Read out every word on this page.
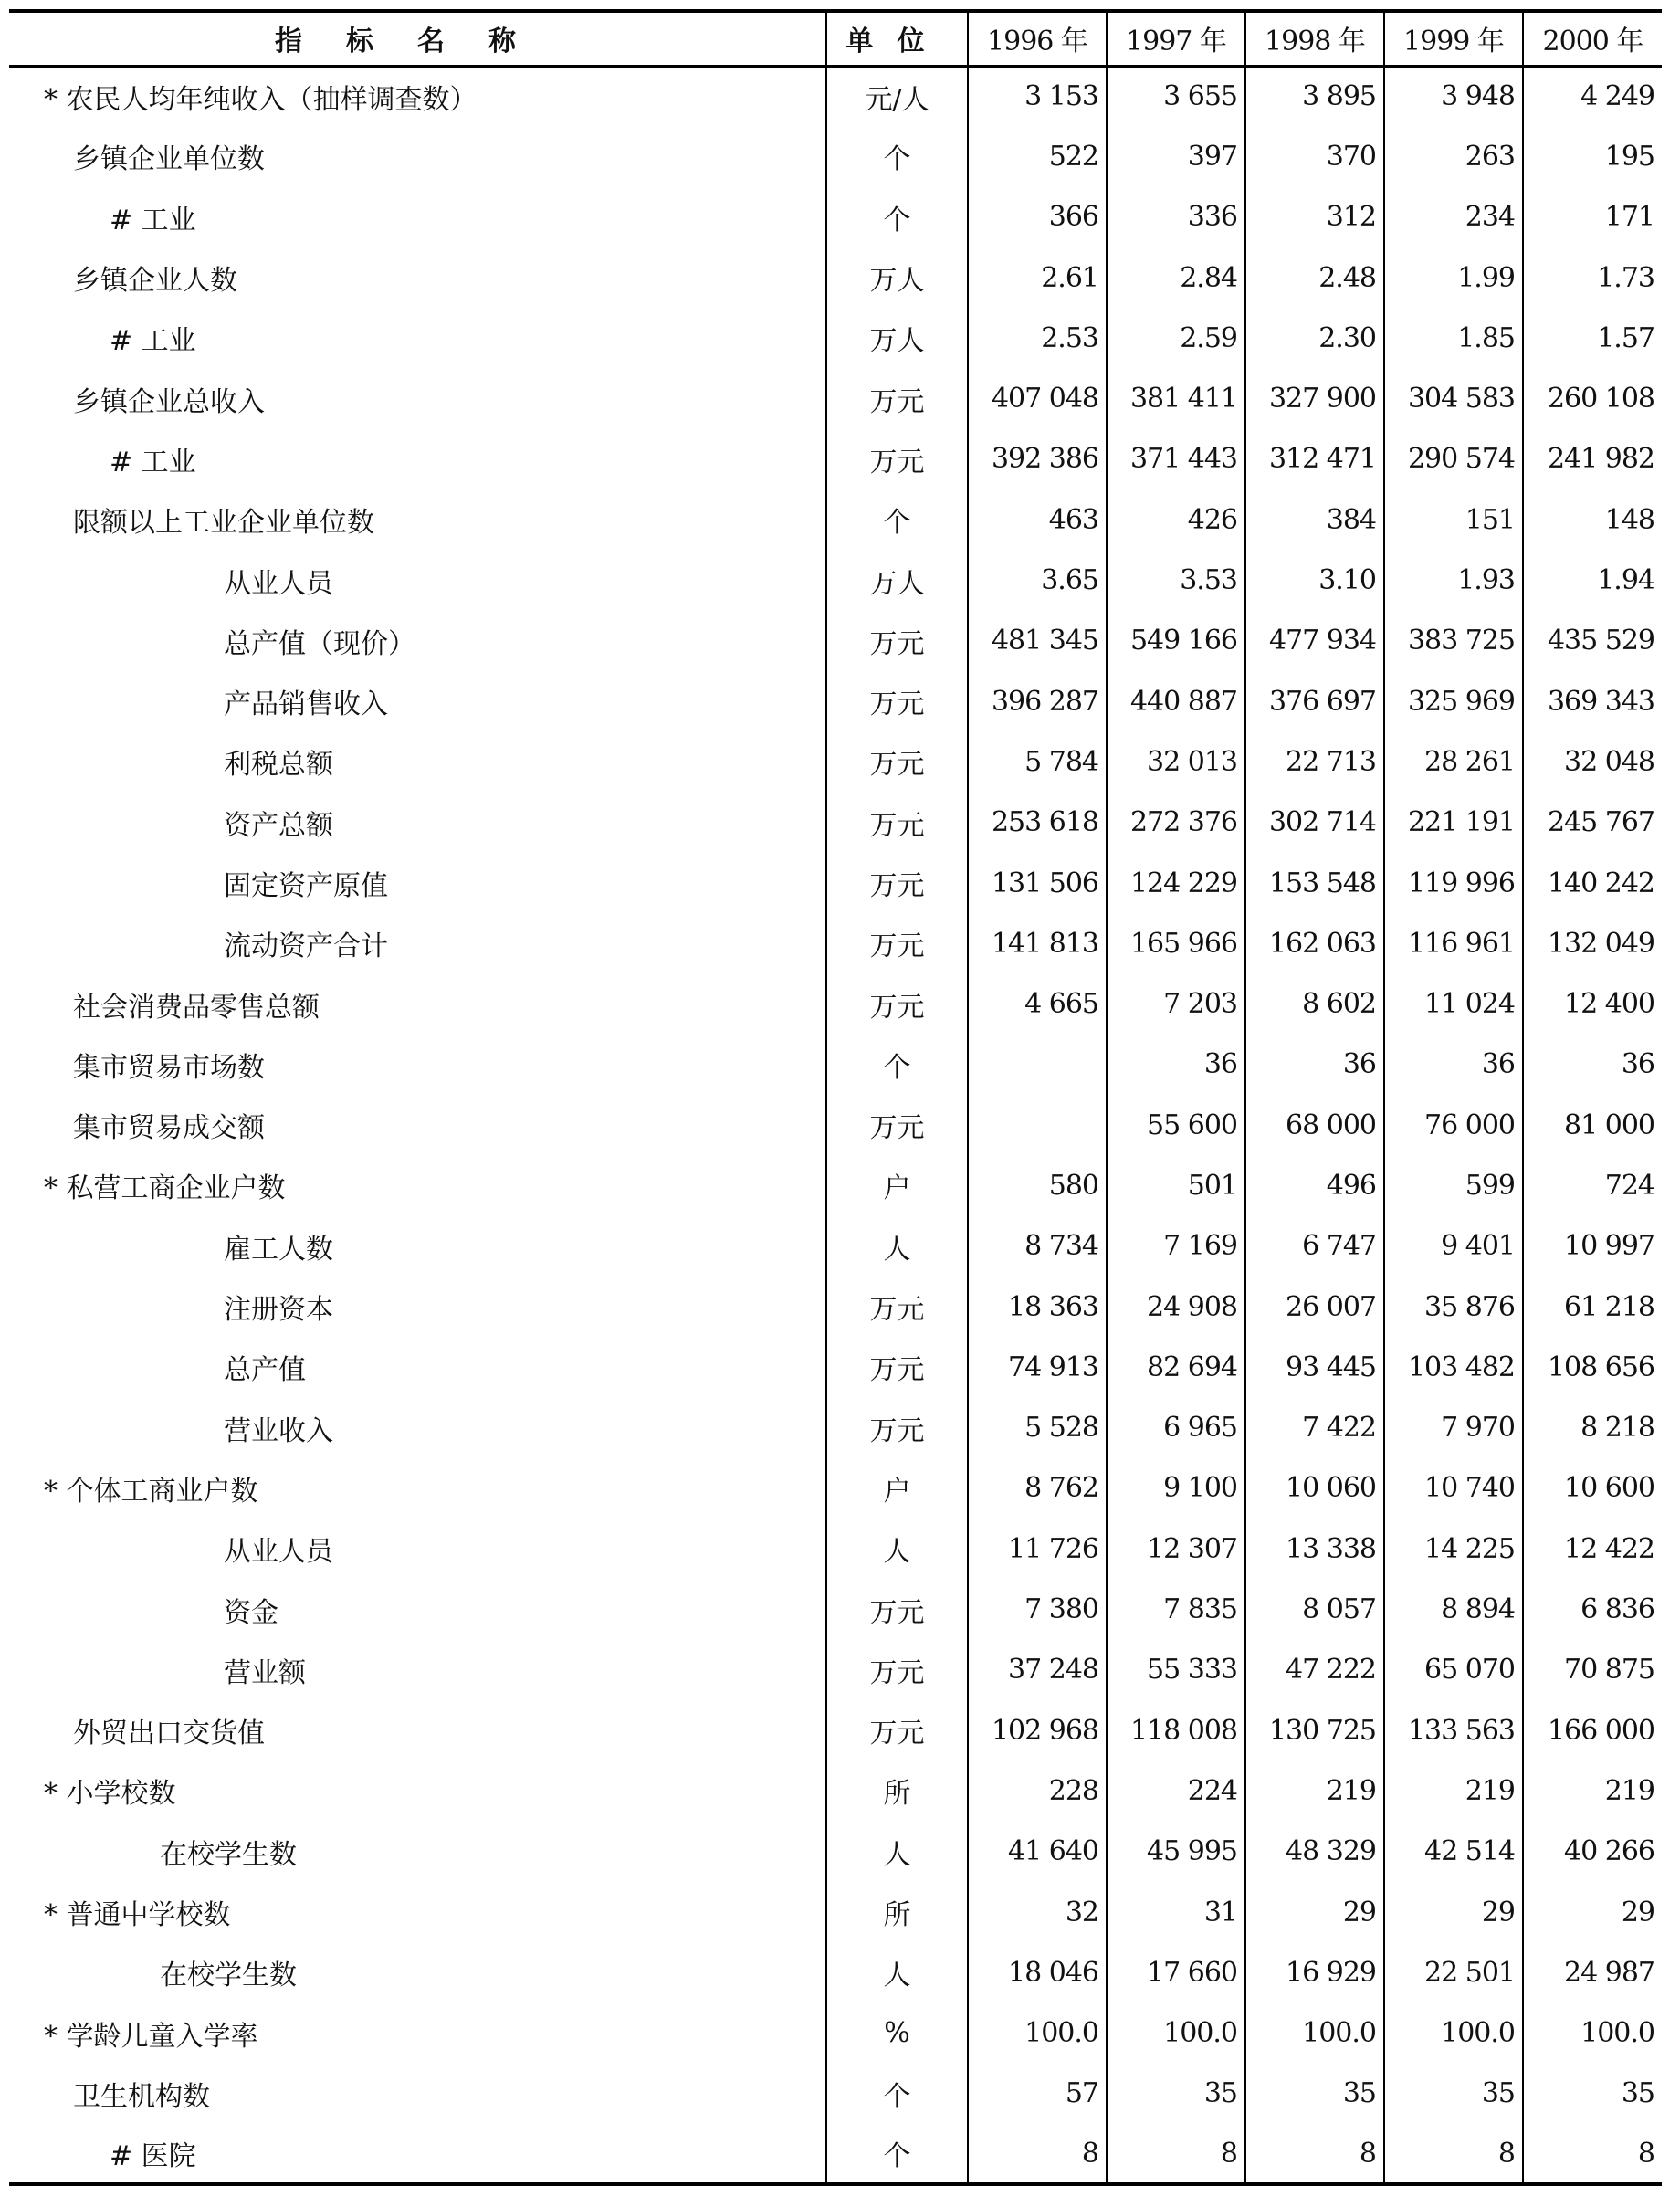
指标名称	单位	1996 年	1997 年	1998 年	1999 年	2000 年
* 农民人均年纯收入（抽样调查数）	元/人	3 153	3 655	3 895	3 948	4 249
乡镇企业单位数	个	522	397	370	263	195
# 工业	个	366	336	312	234	171
乡镇企业人数	万人	2.61	2.84	2.48	1.99	1.73
# 工业	万人	2.53	2.59	2.30	1.85	1.57
乡镇企业总收入	万元	407 048	381 411	327 900	304 583	260 108
# 工业	万元	392 386	371 443	312 471	290 574	241 982
限额以上工业企业单位数	个	463	426	384	151	148
从业人员	万人	3.65	3.53	3.10	1.93	1.94
总产值（现价）	万元	481 345	549 166	477 934	383 725	435 529
产品销售收入	万元	396 287	440 887	376 697	325 969	369 343
利税总额	万元	5 784	32 013	22 713	28 261	32 048
资产总额	万元	253 618	272 376	302 714	221 191	245 767
固定资产原值	万元	131 506	124 229	153 548	119 996	140 242
流动资产合计	万元	141 813	165 966	162 063	116 961	132 049
社会消费品零售总额	万元	4 665	7 203	8 602	11 024	12 400
集市贸易市场数	个		36	36	36	36
集市贸易成交额	万元		55 600	68 000	76 000	81 000
* 私营工商企业户数	户	580	501	496	599	724
雇工人数	人	8 734	7 169	6 747	9 401	10 997
注册资本	万元	18 363	24 908	26 007	35 876	61 218
总产值	万元	74 913	82 694	93 445	103 482	108 656
营业收入	万元	5 528	6 965	7 422	7 970	8 218
* 个体工商业户数	户	8 762	9 100	10 060	10 740	10 600
从业人员	人	11 726	12 307	13 338	14 225	12 422
资金	万元	7 380	7 835	8 057	8 894	6 836
营业额	万元	37 248	55 333	47 222	65 070	70 875
外贸出口交货值	万元	102 968	118 008	130 725	133 563	166 000
* 小学校数	所	228	224	219	219	219
在校学生数	人	41 640	45 995	48 329	42 514	40 266
* 普通中学校数	所	32	31	29	29	29
在校学生数	人	18 046	17 660	16 929	22 501	24 987
* 学龄儿童入学率	%	100.0	100.0	100.0	100.0	100.0
卫生机构数	个	57	35	35	35	35
# 医院	个	8	8	8	8	8
